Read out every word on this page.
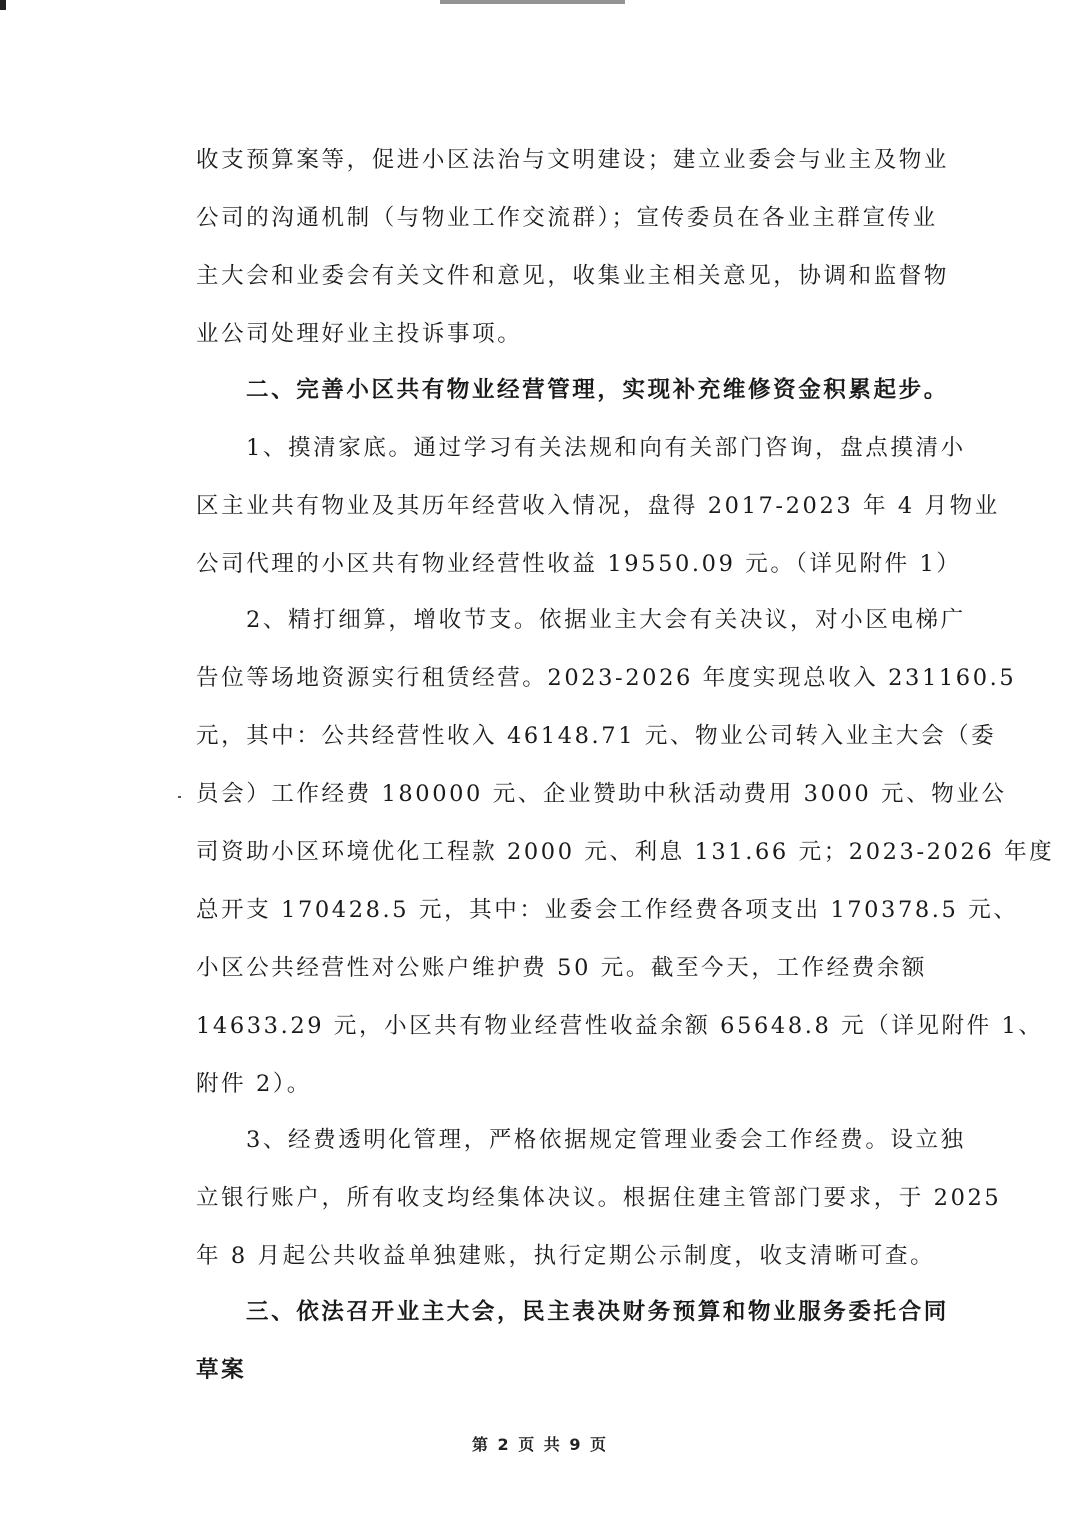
收支预算案等，促进小区法治与文明建设；建立业委会与业主及物业
公司的沟通机制（与物业工作交流群）；宣传委员在各业主群宣传业
主大会和业委会有关文件和意见，收集业主相关意见，协调和监督物
业公司处理好业主投诉事项。
二、完善小区共有物业经营管理，实现补充维修资金积累起步。
1、摸清家底。通过学习有关法规和向有关部门咨询，盘点摸清小
区主业共有物业及其历年经营收入情况，盘得 2017-2023 年 4 月物业
公司代理的小区共有物业经营性收益 19550.09 元。（详见附件 1）
2、精打细算，增收节支。依据业主大会有关决议，对小区电梯广
告位等场地资源实行租赁经营。2023-2026 年度实现总收入 231160.5
元，其中：公共经营性收入 46148.71 元、物业公司转入业主大会（委
员会）工作经费 180000 元、企业赞助中秋活动费用 3000 元、物业公
司资助小区环境优化工程款 2000 元、利息 131.66 元；2023-2026 年度
总开支 170428.5 元，其中：业委会工作经费各项支出 170378.5 元、
小区公共经营性对公账户维护费 50 元。截至今天，工作经费余额
14633.29 元，小区共有物业经营性收益余额 65648.8 元（详见附件 1、
附件 2）。
3、经费透明化管理，严格依据规定管理业委会工作经费。设立独
立银行账户，所有收支均经集体决议。根据住建主管部门要求，于 2025
年 8 月起公共收益单独建账，执行定期公示制度，收支清晰可查。
三、依法召开业主大会，民主表决财务预算和物业服务委托合同
草案
第 2 页 共 9 页
